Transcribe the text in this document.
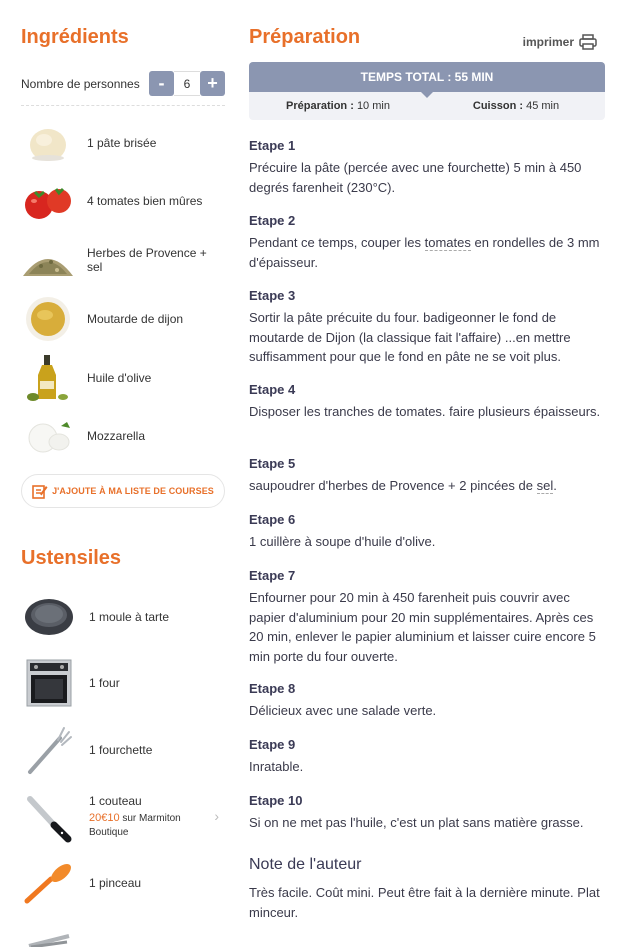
Ingrédients
Nombre de personnes	-	6 +
1 pâte brisée
4 tomates bien mûres
Herbes de Provence + sel
Moutarde de dijon
Huile d'olive
Mozzarella
J'AJOUTE À MA LISTE DE COURSES
Ustensiles
1 moule à tarte
1 four
1 fourchette
1 couteau
20€10 sur Marmiton
Boutique
›
1 pinceau
Préparation	imprimer
TEMPS TOTAL : 55 MIN
Préparation : 10 min	Cuisson : 45 min
Etape 1
Précuire la pâte (percée avec une fourchette) 5 min à 450 degrés farenheit (230°C).
Etape 2
Pendant ce temps, couper les tomates en rondelles de 3 mm d'épaisseur.
Etape 3
Sortir la pâte précuite du four. badigeonner le fond de moutarde de Dijon (la classique fait l'affaire) ...en mettre suffisamment pour que le fond en pâte ne se voit plus.
Etape 4
Disposer les tranches de tomates. faire plusieurs épaisseurs.
Etape 5
saupoudrer d'herbes de Provence + 2 pincées de sel.
Etape 6
1 cuillère à soupe d'huile d'olive.
Etape 7
Enfourner pour 20 min à 450 farenheit puis couvrir avec papier d'aluminium pour 20 min supplémentaires. Après ces 20 min, enlever le papier aluminium et laisser cuire encore 5 min porte du four ouverte.
Etape 8
Délicieux avec une salade verte.
Etape 9
Inratable.
Etape 10
Si on ne met pas l'huile, c'est un plat sans matière grasse.
Note de l'auteur
Très facile. Coût mini. Peut être fait à la dernière minute. Plat minceur.
